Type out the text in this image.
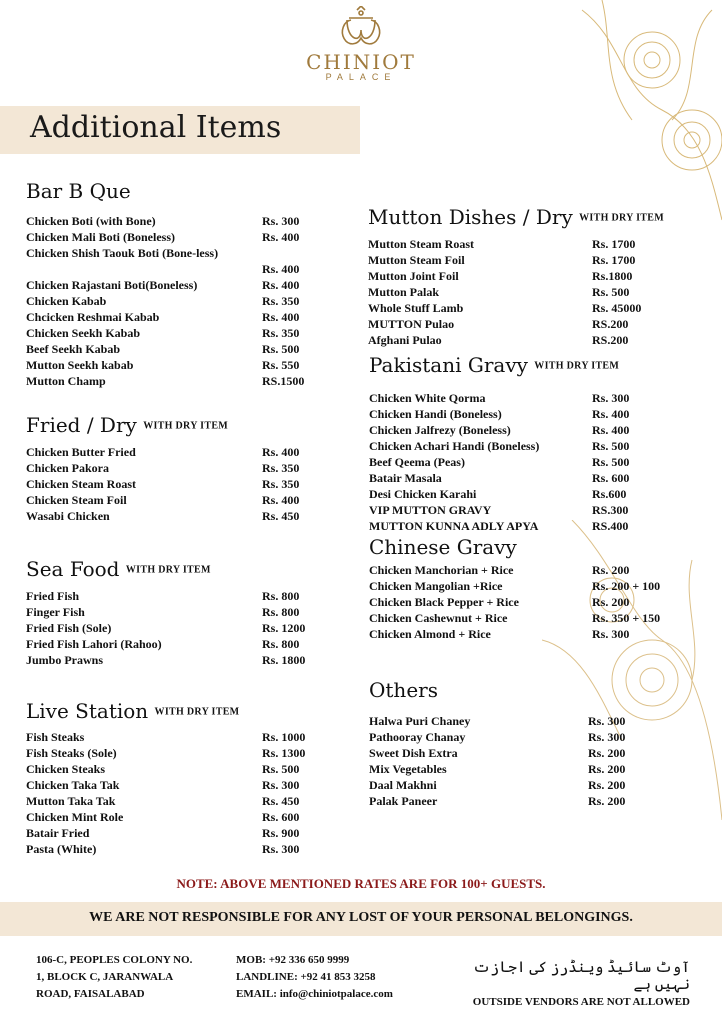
CHINIOT
PALACE
Additional Items
Bar B Que
Chicken Boti (with Bone)	Rs. 300
Chicken Mali Boti (Boneless)	Rs. 400
Chicken Shish Taouk Boti (Bone-less)
Rs. 400
Chicken Rajastani Boti(Boneless)	Rs. 400
Chicken Kabab	Rs. 350
Chcicken Reshmai Kabab	Rs. 400
Chicken Seekh Kabab	Rs. 350
Beef Seekh Kabab	Rs. 500
Mutton Seekh kabab	Rs. 550
Mutton Champ	RS.1500
Fried / Dry WITH DRY ITEM
Chicken Butter Fried	Rs. 400
Chicken Pakora	Rs. 350
Chicken Steam Roast	Rs. 350
Chicken Steam Foil	Rs. 400
Wasabi Chicken	Rs. 450
Sea Food WITH DRY ITEM
Fried Fish	Rs. 800
Finger Fish	Rs. 800
Fried Fish (Sole)	Rs. 1200
Fried Fish Lahori (Rahoo)	Rs. 800
Jumbo Prawns	Rs. 1800
Live Station WITH DRY ITEM
Fish Steaks	Rs. 1000
Fish Steaks (Sole)	Rs. 1300
Chicken Steaks	Rs. 500
Chicken Taka Tak	Rs. 300
Mutton Taka Tak	Rs. 450
Chicken Mint Role	Rs. 600
Batair Fried	Rs. 900
Pasta (White)	Rs. 300
Mutton Dishes / Dry WITH DRY ITEM
Mutton Steam Roast	Rs. 1700
Mutton Steam Foil	Rs. 1700
Mutton Joint Foil	Rs.1800
Mutton Palak	Rs. 500
Whole Stuff Lamb	Rs. 45000
MUTTON Pulao	RS.200
Afghani Pulao	RS.200
Pakistani Gravy WITH DRY ITEM
Chicken White Qorma	Rs. 300
Chicken Handi (Boneless)	Rs. 400
Chicken Jalfrezy (Boneless)	Rs. 400
Chicken Achari Handi (Boneless)	Rs. 500
Beef Qeema (Peas)	Rs. 500
Batair Masala	Rs. 600
Desi Chicken Karahi	Rs.600
VIP MUTTON GRAVY	RS.300
MUTTON KUNNA ADLY APYA	RS.400
Chinese Gravy
Chicken Manchorian + Rice	Rs. 200
Chicken Mangolian +Rice	Rs. 200 + 100
Chicken Black Pepper + Rice	Rs. 200
Chicken Cashewnut + Rice	Rs. 350 + 150
Chicken Almond + Rice	Rs. 300
Others
Halwa Puri Chaney	Rs. 300
Pathooray Chanay	Rs. 300
Sweet Dish Extra	Rs. 200
Mix Vegetables	Rs. 200
Daal Makhni	Rs. 200
Palak Paneer	Rs. 200
NOTE: ABOVE MENTIONED RATES ARE FOR 100+ GUESTS.
WE ARE NOT RESPONSIBLE FOR ANY LOST OF YOUR PERSONAL BELONGINGS.
106-C, PEOPLES COLONY NO.
1, BLOCK C, JARANWALA
ROAD, FAISALABAD
MOB: +92 336 650 9999
LANDLINE: +92 41 853 3258
EMAIL: info@chiniotpalace.com
آوٹ سائیڈ وینڈرز کی اجازت نہیں ہے
OUTSIDE VENDORS ARE NOT ALLOWED
